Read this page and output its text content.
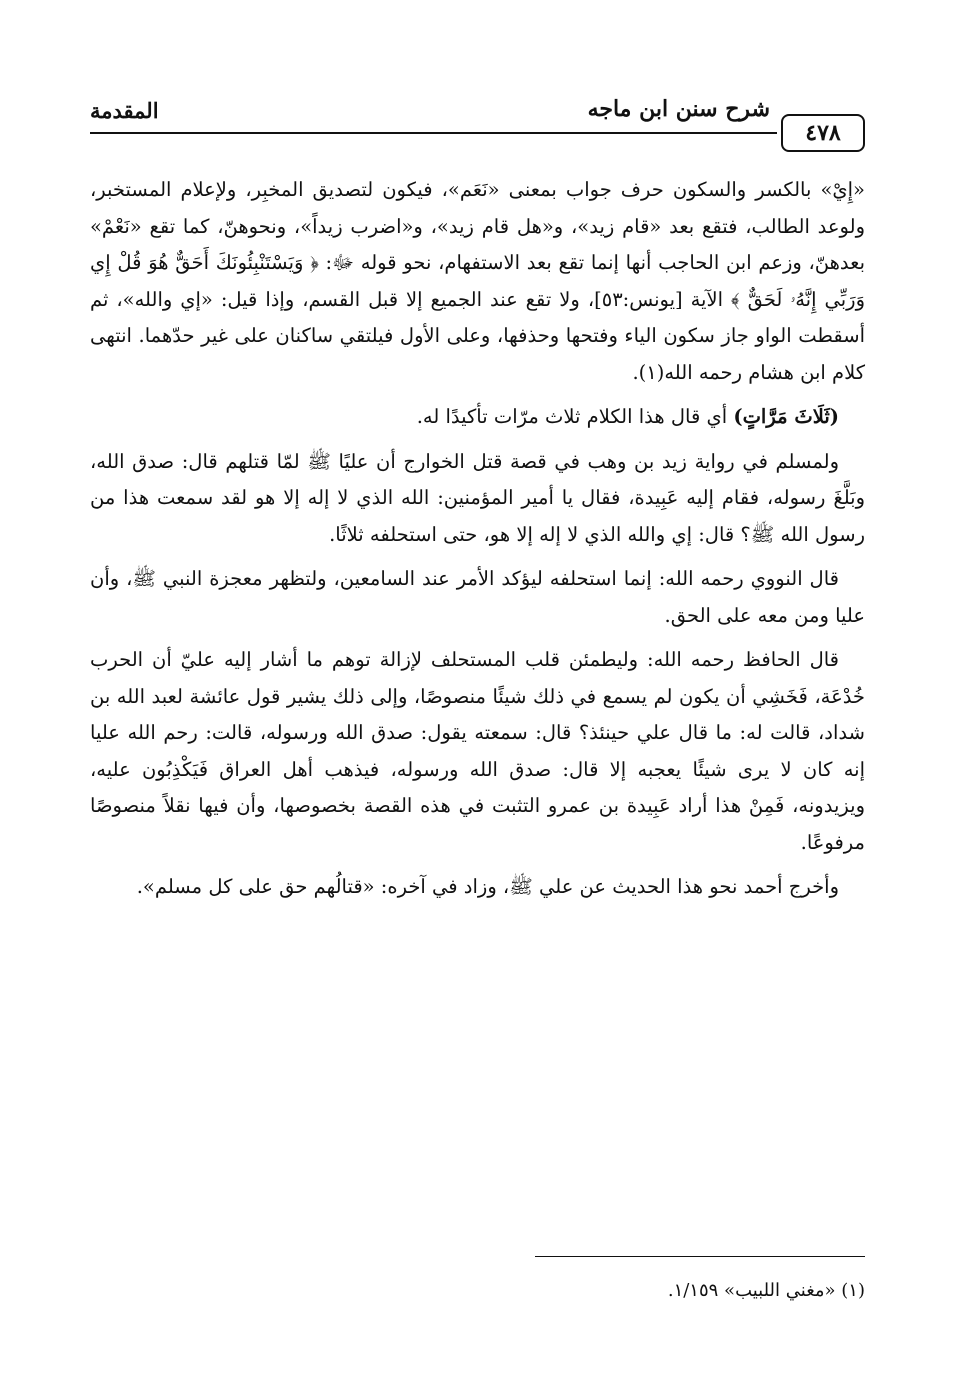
المقدمة	شرح سنن ابن ماجه
٤٧٨

«إِيْ» بالكسر والسكون حرف جواب بمعنى «نَعَم»، فيكون لتصديق المخبِر، ولإعلام المستخبر، ولوعد الطالب، فتقع بعد «قام زيد»، و«هل قام زيد»، و«اضرب زيداً»، ونحوهنّ، كما تقع «نَعْمْ» بعدهنّ، وزعم ابن الحاجب أنها إنما تقع بعد الاستفهام، نحو قوله ﷻ: ﴿ وَيَسْتَنْبِئُونَكَ أَحَقٌّ هُوَ قُلْ إِي وَرَبِّي إِنَّهُۥ لَحَقٌّ ﴾ الآية [يونس:٥٣]، ولا تقع عند الجميع إلا قبل القسم، وإذا قيل: «إي والله»، ثم أسقطت الواو جاز سكون الياء وفتحها وحذفها، وعلى الأول فيلتقي ساكنان على غير حدّهما. انتهى كلام ابن هشام رحمه الله(١).

(ثَلَاثَ مَرَّاتٍ) أي قال هذا الكلام ثلاث مرّات تأكيدًا له.

ولمسلم في رواية زيد بن وهب في قصة قتل الخوارج أن عليًا ﷺ لمّا قتلهم قال: صدق الله، وبَلَّغَ رسوله، فقام إليه عَبِيدة، فقال يا أمير المؤمنين: الله الذي لا إله إلا هو لقد سمعت هذا من رسول الله ﷺ؟ قال: إي والله الذي لا إله إلا هو، حتى استحلفه ثلاثًا.

قال النووي رحمه الله: إنما استحلفه ليؤكد الأمر عند السامعين، ولتظهر معجزة النبي ﷺ، وأن عليا ومن معه على الحق.

قال الحافظ رحمه الله: وليطمئن قلب المستحلف لإزالة توهم ما أشار إليه عليّ أن الحرب خُدْعَة، فَخَشِي أن يكون لم يسمع في ذلك شيئًا منصوصًا، وإلى ذلك يشير قول عائشة لعبد الله بن شداد، قالت له: ما قال علي حينئذ؟ قال: سمعته يقول: صدق الله ورسوله، قالت: رحم الله عليا إنه كان لا يرى شيئًا يعجبه إلا قال: صدق الله ورسوله، فيذهب أهل العراق فَيَكْذِبُون عليه، ويزيدونه، فَمِنْ هذا أراد عَبِيدة بن عمرو التثبت في هذه القصة بخصوصها، وأن فيها نقلاً منصوصًا مرفوعًا.

وأخرج أحمد نحو هذا الحديث عن علي ﷺ، وزاد في آخره: «قتالُهم حق على كل مسلم».

(١) «مغني اللبيب» ١/١٥٩.
